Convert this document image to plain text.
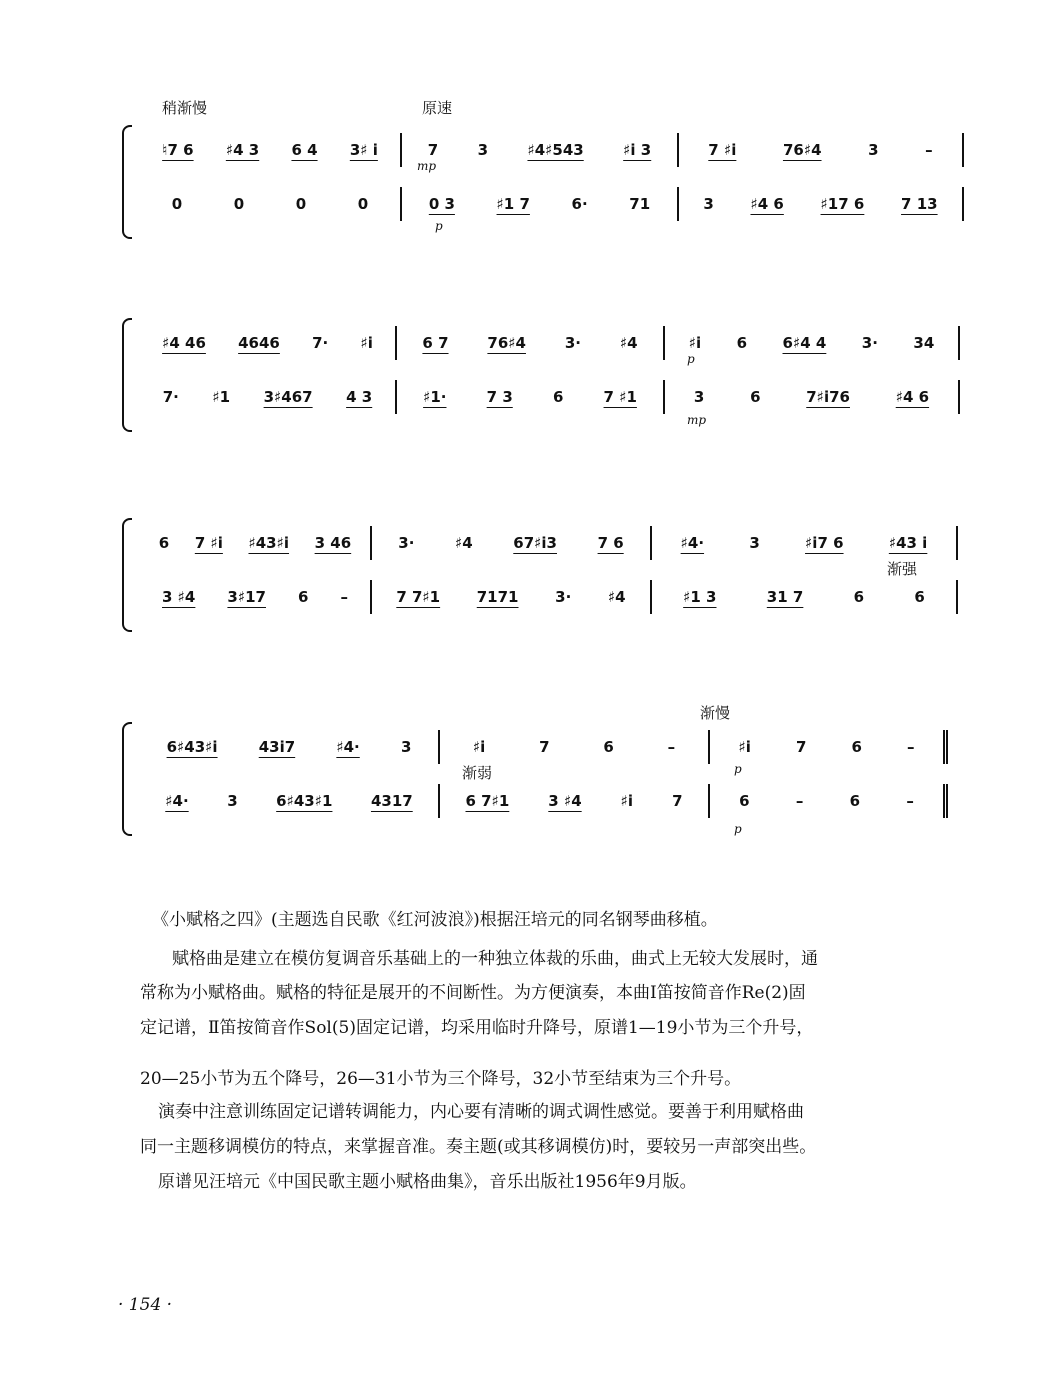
♮7 6 ♯4 3 6 4 3♯ i	7	3	♯4♯543	♯i 3	7 ♯i	76♯4	3	–
0	0	0	0	0 3	♯1 7	6·	71	3 ♯4 6 ♯17 6 7 13
稍渐慢	原速
mp
p
♯4 46 4646 7· ♯i	6 7	76♯4	3·	♯4	♯i 6 6♯4 4 3· 34
7· ♯1 3♯467 4 3	♯1·	7 3	6	7 ♯1	3	6	7♯i76	♯4 6
p
mp
6 7 ♯i ♯43♯i 3 46	3·	♯4	67♯i3	7 6	♯4·	3	♯i7 6	♯43 i
3 ♯4 3♯17 6 –	7 7♯1 7171 3· ♯4	♯1 3	31 7	6	6
渐强
6♯43♯i	43i7	♯4·	3	♯i	7	6	–	♯i	7	6	–
♯4·	3	6♯43♯1	4317	6 7♯1	3 ♯4	♯i	7	6	–	6	–
渐慢
渐弱	p
p
《小赋格之四》(主题选自民歌《红河波浪》)根据汪培元的同名钢琴曲移植。
赋格曲是建立在模仿复调音乐基础上的一种独立体裁的乐曲，曲式上无较大发展时，通
常称为小赋格曲。赋格的特征是展开的不间断性。为方便演奏，本曲Ⅰ笛按简音作Re(2)固
定记谱，Ⅱ笛按简音作Sol(5)固定记谱，均采用临时升降号，原谱1—19小节为三个升号，
20—25小节为五个降号，26—31小节为三个降号，32小节至结束为三个升号。
演奏中注意训练固定记谱转调能力，内心要有清晰的调式调性感觉。要善于利用赋格曲
同一主题移调模仿的特点，来掌握音准。奏主题(或其移调模仿)时，要较另一声部突出些。
原谱见汪培元《中国民歌主题小赋格曲集》，音乐出版社1956年9月版。
· 154 ·
